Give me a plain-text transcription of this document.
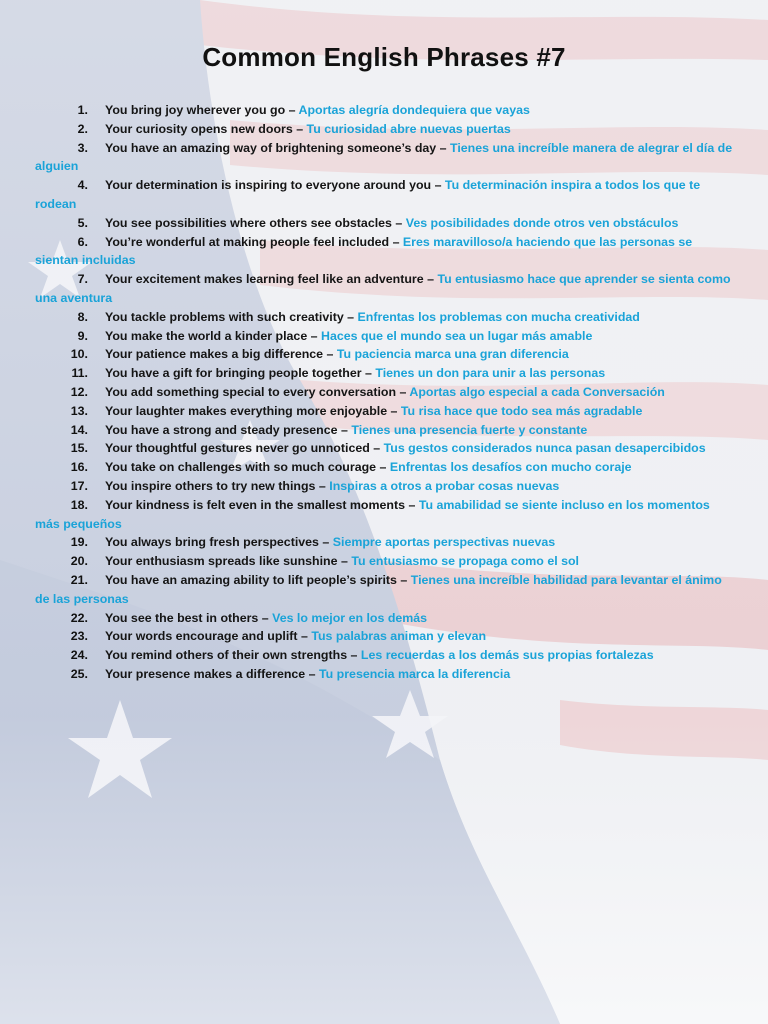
Common English Phrases #7
1. You bring joy wherever you go – Aportas alegría dondequiera que vayas
2. Your curiosity opens new doors – Tu curiosidad abre nuevas puertas
3. You have an amazing way of brightening someone’s day – Tienes una increíble manera de alegrar el día de alguien
4. Your determination is inspiring to everyone around you – Tu determinación inspira a todos los que te rodean
5. You see possibilities where others see obstacles – Ves posibilidades donde otros ven obstáculos
6. You’re wonderful at making people feel included – Eres maravilloso/a haciendo que las personas se sientan incluidas
7. Your excitement makes learning feel like an adventure – Tu entusiasmo hace que aprender se sienta como una aventura
8. You tackle problems with such creativity – Enfrentas los problemas con mucha creatividad
9. You make the world a kinder place – Haces que el mundo sea un lugar más amable
10. Your patience makes a big difference – Tu paciencia marca una gran diferencia
11. You have a gift for bringing people together – Tienes un don para unir a las personas
12. You add something special to every conversation – Aportas algo especial a cada Conversación
13. Your laughter makes everything more enjoyable – Tu risa hace que todo sea más agradable
14. You have a strong and steady presence – Tienes una presencia fuerte y constante
15. Your thoughtful gestures never go unnoticed – Tus gestos considerados nunca pasan desapercibidos
16. You take on challenges with so much courage – Enfrentas los desafíos con mucho coraje
17. You inspire others to try new things – Inspiras a otros a probar cosas nuevas
18. Your kindness is felt even in the smallest moments – Tu amabilidad se siente incluso en los momentos más pequeños
19. You always bring fresh perspectives – Siempre aportas perspectivas nuevas
20. Your enthusiasm spreads like sunshine – Tu entusiasmo se propaga como el sol
21. You have an amazing ability to lift people’s spirits – Tienes una increíble habilidad para levantar el ánimo de las personas
22. You see the best in others – Ves lo mejor en los demás
23. Your words encourage and uplift – Tus palabras animan y elevan
24. You remind others of their own strengths – Les recuerdas a los demás sus propias fortalezas
25. Your presence makes a difference – Tu presencia marca la diferencia
